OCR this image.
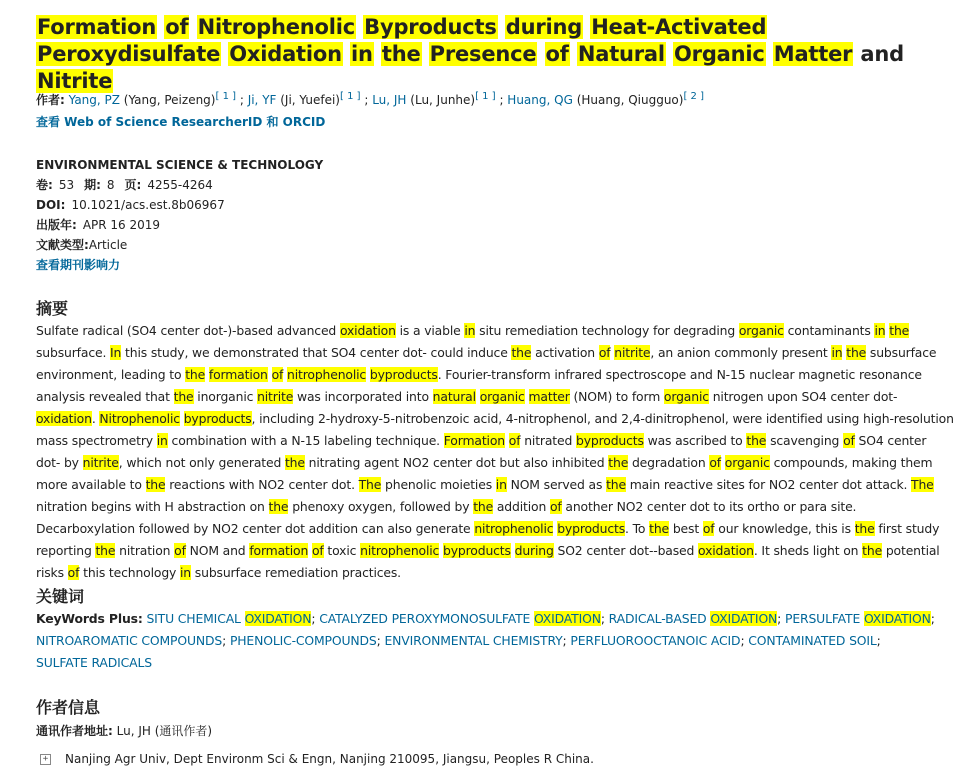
Formation of Nitrophenolic Byproducts during Heat-Activated Peroxydisulfate Oxidation in the Presence of Natural Organic Matter and Nitrite
作者: Yang, PZ (Yang, Peizeng)[ 1 ] ; Ji, YF (Ji, Yuefei)[ 1 ] ; Lu, JH (Lu, Junhe)[ 1 ] ; Huang, QG (Huang, Qiugguo)[ 2 ]
查看 Web of Science ResearcherID 和 ORCID
ENVIRONMENTAL SCIENCE & TECHNOLOGY
卷: 53 期: 8 页: 4255-4264
DOI: 10.1021/acs.est.8b06967
出版年: APR 16 2019
文献类型:Article
查看期刊影响力
摘要
Sulfate radical (SO4 center dot-)-based advanced oxidation is a viable in situ remediation technology for degrading organic contaminants in the subsurface. In this study, we demonstrated that SO4 center dot- could induce the activation of nitrite, an anion commonly present in the subsurface environment, leading to the formation of nitrophenolic byproducts. Fourier-transform infrared spectroscope and N-15 nuclear magnetic resonance analysis revealed that the inorganic nitrite was incorporated into natural organic matter (NOM) to form organic nitrogen upon SO4 center dot- oxidation. Nitrophenolic byproducts, including 2-hydroxy-5-nitrobenzoic acid, 4-nitrophenol, and 2,4-dinitrophenol, were identified using high-resolution mass spectrometry in combination with a N-15 labeling technique. Formation of nitrated byproducts was ascribed to the scavenging of SO4 center dot- by nitrite, which not only generated the nitrating agent NO2 center dot but also inhibited the degradation of organic compounds, making them more available to the reactions with NO2 center dot. The phenolic moieties in NOM served as the main reactive sites for NO2 center dot attack. The nitration begins with H abstraction on the phenoxy oxygen, followed by the addition of another NO2 center dot to its ortho or para site. Decarboxylation followed by NO2 center dot addition can also generate nitrophenolic byproducts. To the best of our knowledge, this is the first study reporting the nitration of NOM and formation of toxic nitrophenolic byproducts during SO2 center dot--based oxidation. It sheds light on the potential risks of this technology in subsurface remediation practices.
关键词
KeyWords Plus: SITU CHEMICAL OXIDATION; CATALYZED PEROXYMONOSULFATE OXIDATION; RADICAL-BASED OXIDATION; PERSULFATE OXIDATION; NITROAROMATIC COMPOUNDS; PHENOLIC-COMPOUNDS; ENVIRONMENTAL CHEMISTRY; PERFLUOROOCTANOIC ACID; CONTAMINATED SOIL; SULFATE RADICALS
作者信息
通讯作者地址: Lu, JH (通讯作者)
+ Nanjing Agr Univ, Dept Environm Sci & Engn, Nanjing 210095, Jiangsu, Peoples R China.
